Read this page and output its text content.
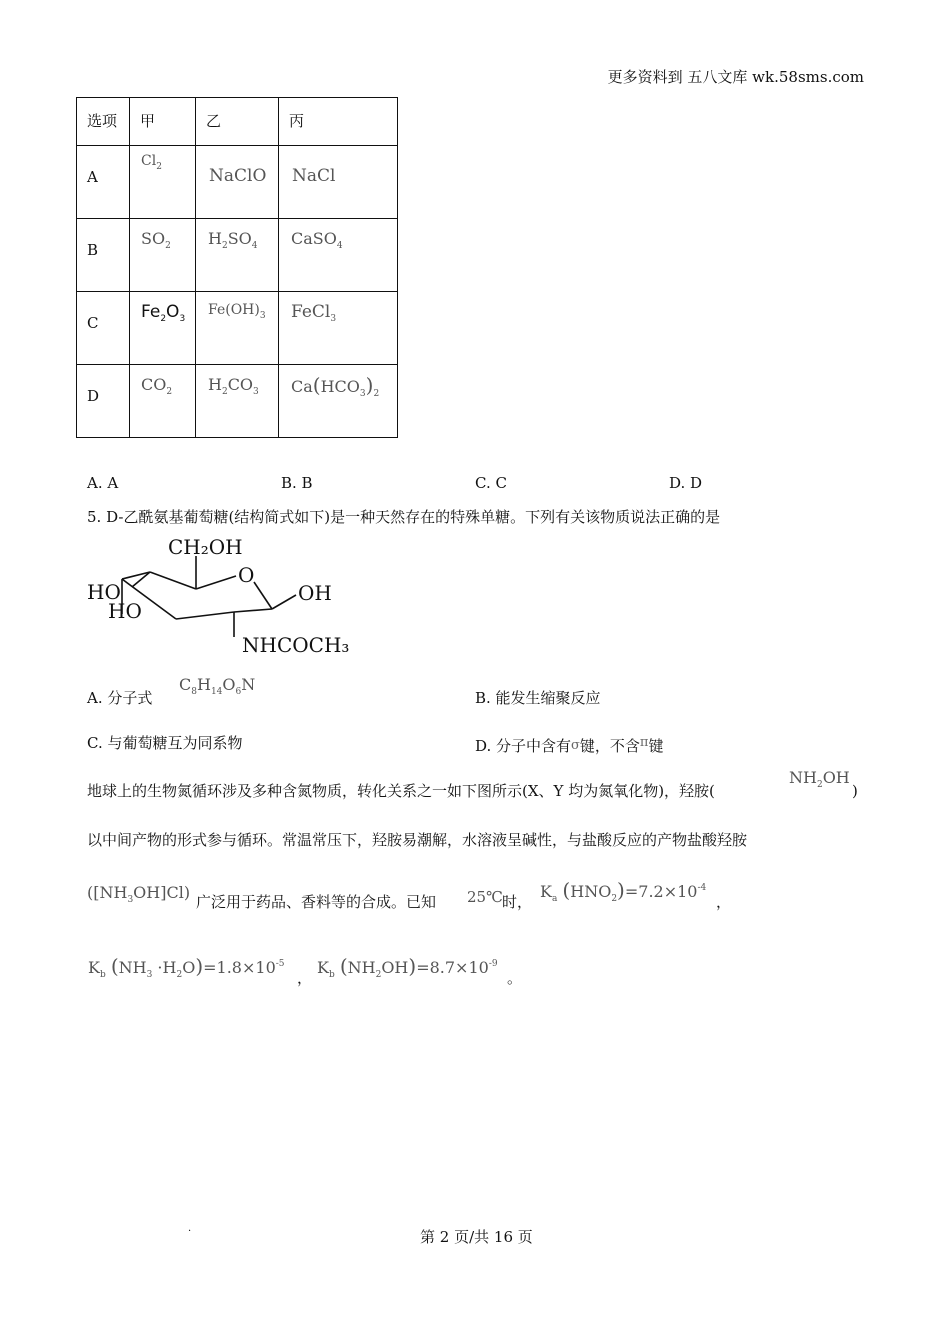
更多资料到 五八文库 wk.58sms.com
选项	甲	乙	丙

A	$Cl_2$	NaClO	NaCl

B	$SO_2$	$H_2SO_4$	CaSO$_4$

C	$Fe_2O_3$	$Fe(OH)_3$	FeCl$_3$

D	$CO_2$	$H_2CO_3$	$Ca(HCO_3)_2$
A. A	B. B	C. C	D. D
5. D-乙酰氨基葡萄糖(结构简式如下)是一种天然存在的特殊单糖。下列有关该物质说法正确的是
CH₂OH
O
HO
HO
OH
NHCOCH₃
A. 分子式
$C_8H_{14}O_6N$
B. 能发生缩聚反应
C. 与葡萄糖互为同系物	D. 分子中含有σ键，不含π键
地球上的生物氮循环涉及多种含氮物质，转化关系之一如下图所示(X、Y 均为氮氧化物)，羟胺(
$NH_2OH$
)
以中间产物的形式参与循环。常温常压下，羟胺易潮解，水溶液呈碱性，与盐酸反应的产物盐酸羟胺
$([NH_3OH]Cl)$ 广泛用于药品、香料等的合成。已知 25℃ 时，
$K_a$ $(HNO_2)=7.2\times 10^{-4}$
，
$K_b$ $(NH_3 \cdot H_2O)=1.8\times 10^{-5}$
，
$K_b$ $(NH_2OH)=8.7\times 10^{-9}$
。
·	第 2 页/共 16 页
